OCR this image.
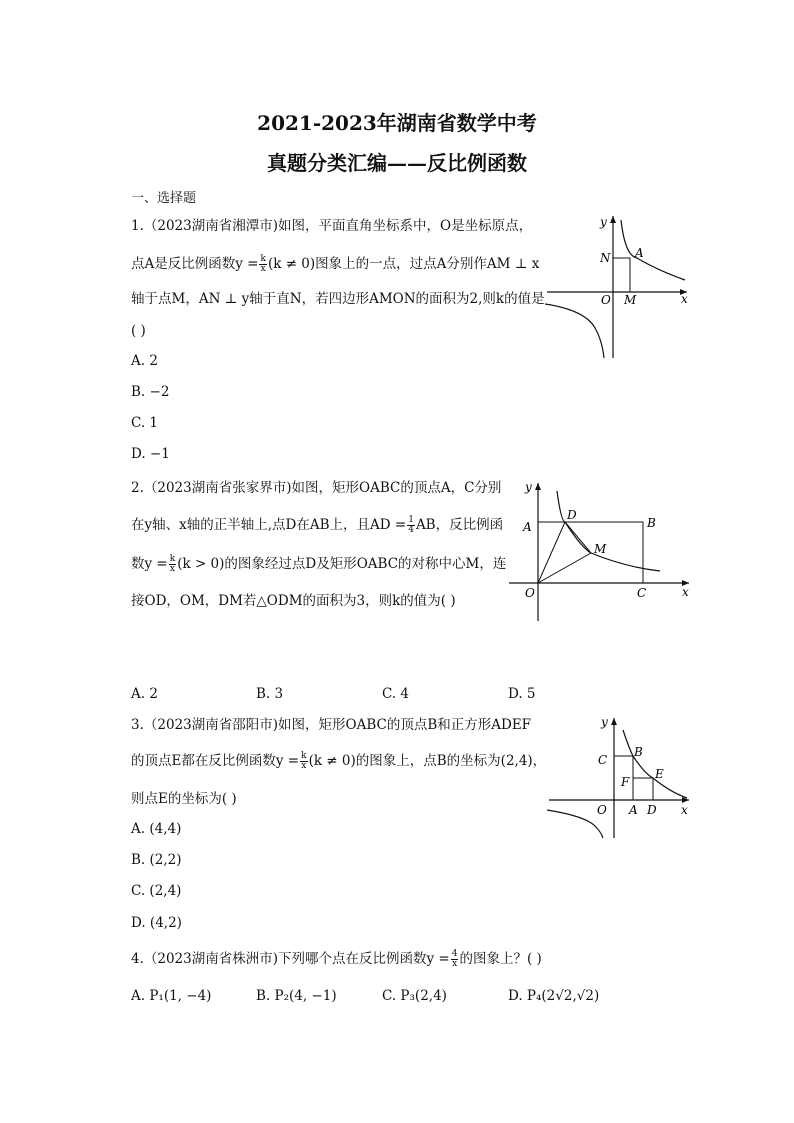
2021-2023年湖南省数学中考
真题分类汇编——反比例函数
一、选择题
1.（2023湖南省湘潭市)如图，平面直角坐标系中，O是坐标原点，
点A是反比例函数$y = \frac{k}{x} (k \ne 0)$图象上的一点，过点A分别作AM ⊥ x
轴于点M，AN ⊥ y轴于直N，若四边形AMON的面积为2,则k的值是
( )
A. 2
B. −2
C. 1
D. −1
y
x
O
N A
M
2.（2023湖南省张家界市)如图，矩形OABC的顶点A，C分别
在y轴、x轴的正半轴上,点D在AB上，且AD = $\frac{1}{4}$ AB，反比例函
数$y = \frac{k}{x} (k > 0)$的图象经过点D及矩形OABC的对称中心M，连
接OD，OM，DM若△ODM的面积为3，则k的值为( )
A. 2	B. 3	C. 4	D. 5
y
x
O
A	B
C
D
M
3.（2023湖南省邵阳市)如图，矩形OABC的顶点B和正方形ADEF
的顶点E都在反比例函数$y = \frac{k}{x} (k \ne 0)$的图象上，点B的坐标为(2,4)，
则点E的坐标为( )
A. (4,4)
B. (2,2)
C. (2,4)
D. (4,2)
y
x
O A
B
C
D
E
F
4.（2023湖南省株洲市)下列哪个点在反比例函数$y = \frac{4}{x}$ 的图象上？( )
A. P₁(1, −4)	B. P₂(4, −1)	C. P₃(2,4)	D. P₄(2√2,√2)
